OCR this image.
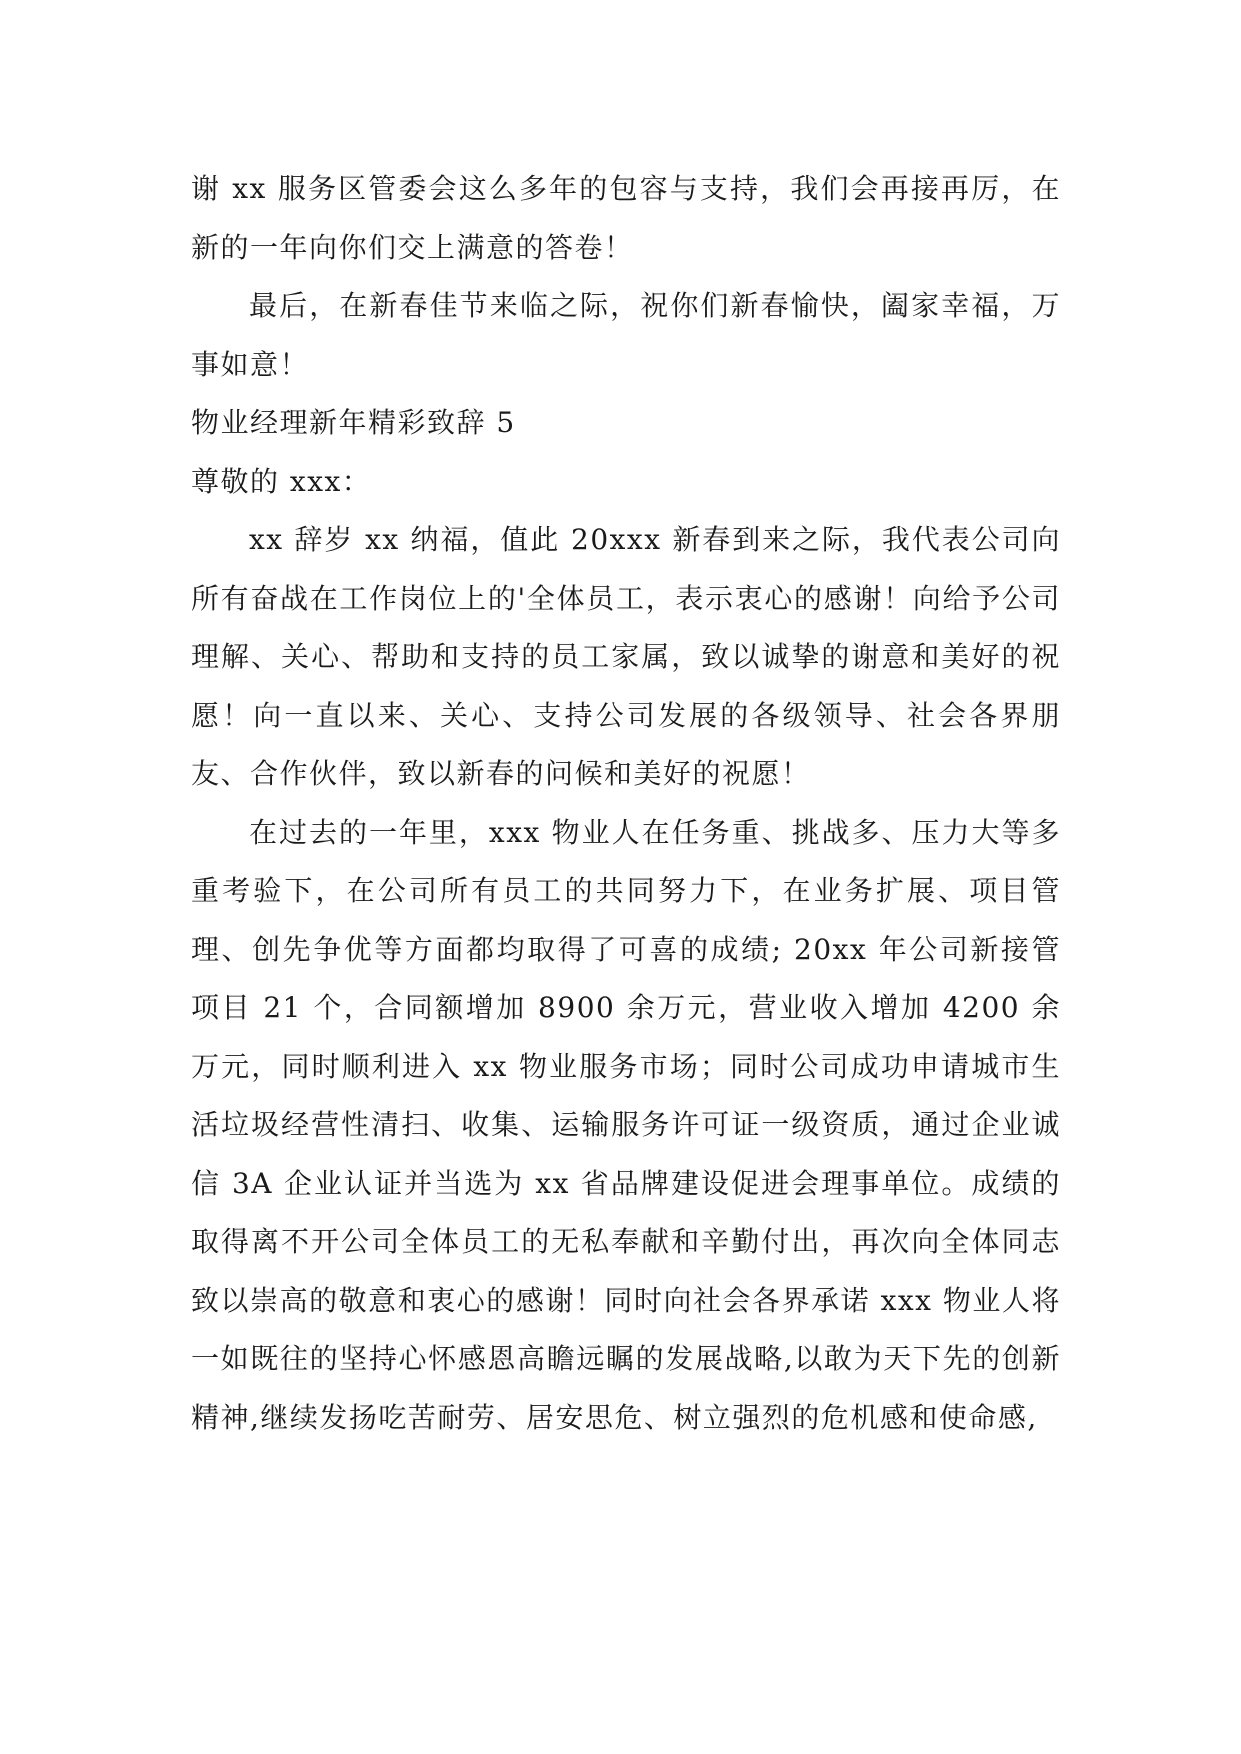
谢 xx 服务区管委会这么多年的包容与支持，我们会再接再厉，在新的一年向你们交上满意的答卷！

最后，在新春佳节来临之际，祝你们新春愉快，阖家幸福，万事如意！

物业经理新年精彩致辞 5

尊敬的 xxx：

xx 辞岁 xx 纳福，值此 20xxx 新春到来之际，我代表公司向所有奋战在工作岗位上的'全体员工，表示衷心的感谢！向给予公司理解、关心、帮助和支持的员工家属，致以诚挚的谢意和美好的祝愿！向一直以来、关心、支持公司发展的各级领导、社会各界朋友、合作伙伴，致以新春的问候和美好的祝愿！

在过去的一年里，xxx 物业人在任务重、挑战多、压力大等多重考验下，在公司所有员工的共同努力下，在业务扩展、项目管理、创先争优等方面都均取得了可喜的成绩; 20xx 年公司新接管项目 21 个，合同额增加 8900 余万元，营业收入增加 4200 余万元，同时顺利进入 xx 物业服务市场；同时公司成功申请城市生活垃圾经营性清扫、收集、运输服务许可证一级资质，通过企业诚信 3A 企业认证并当选为 xx 省品牌建设促进会理事单位。成绩的取得离不开公司全体员工的无私奉献和辛勤付出，再次向全体同志致以崇高的敬意和衷心的感谢！同时向社会各界承诺 xxx 物业人将一如既往的坚持心怀感恩高瞻远瞩的发展战略,以敢为天下先的创新精神,继续发扬吃苦耐劳、居安思危、树立强烈的危机感和使命感,
